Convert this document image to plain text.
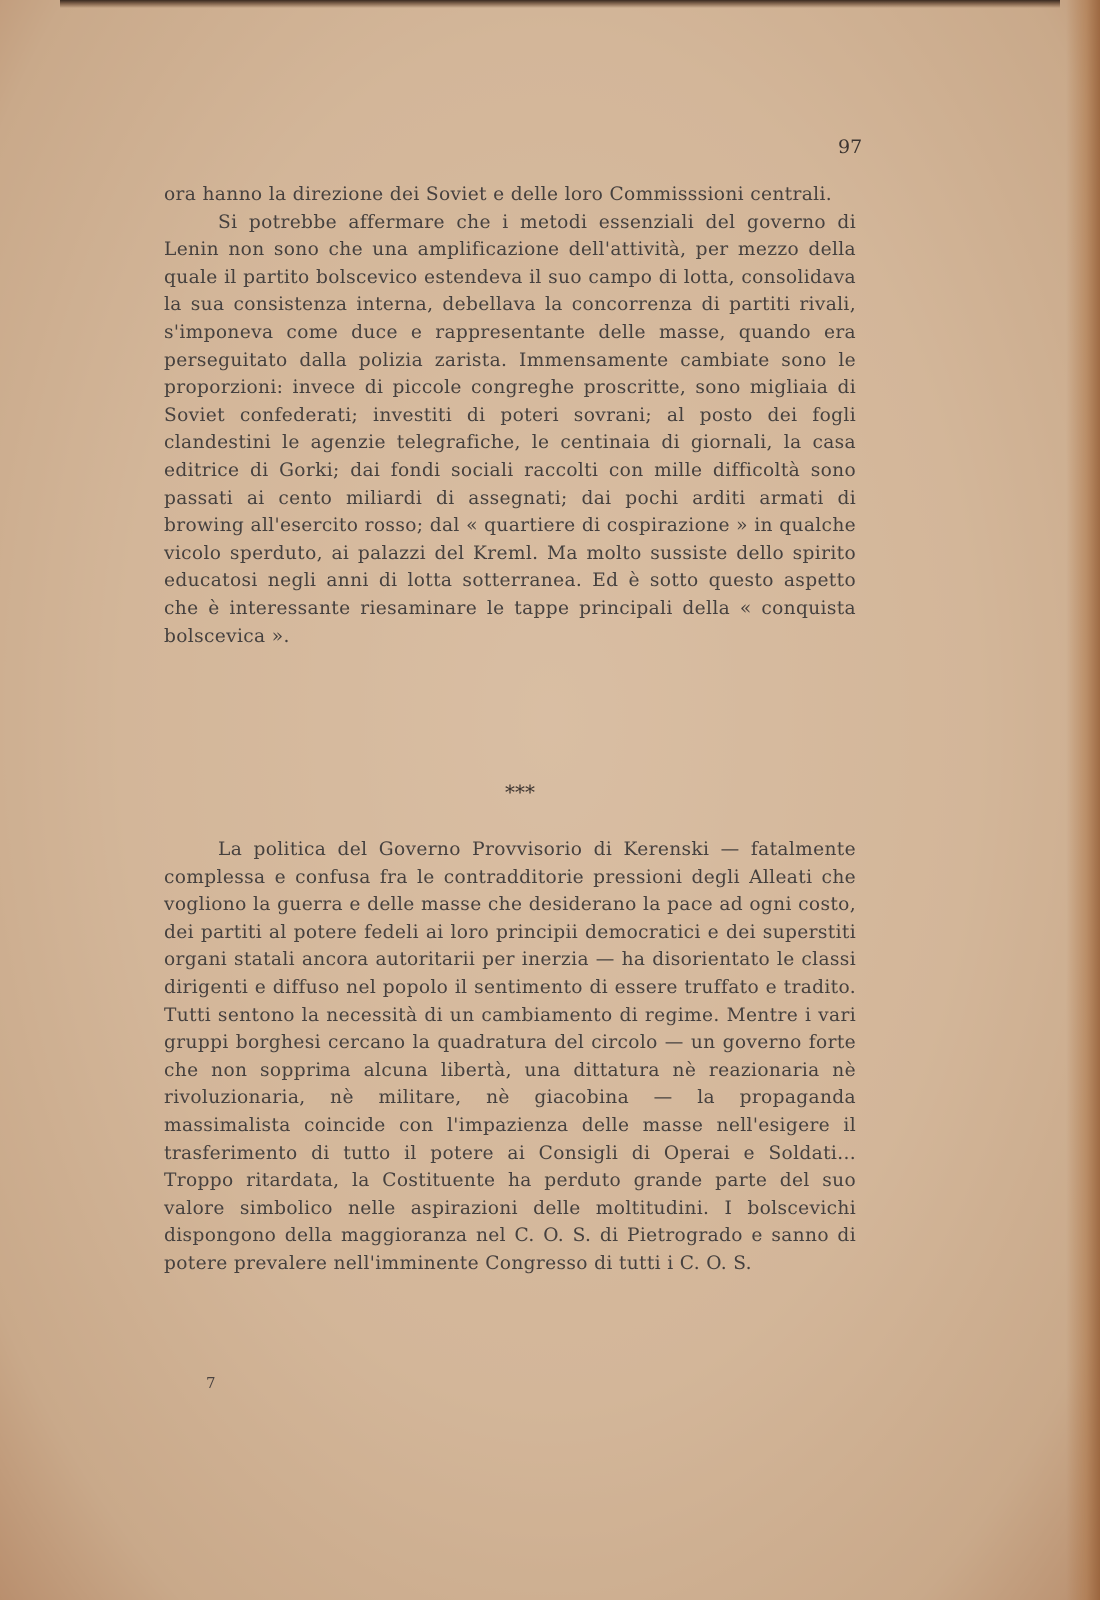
97

ora hanno la direzione dei Soviet e delle loro Commisssioni centrali.

Si potrebbe affermare che i metodi essenziali del governo di Lenin non sono che una amplificazione dell'attività, per mezzo della quale il partito bolscevico estendeva il suo campo di lotta, consolidava la sua consistenza interna, debellava la concorrenza di partiti rivali, s'imponeva come duce e rappresentante delle masse, quando era perseguitato dalla polizia zarista. Immensamente cambiate sono le proporzioni: invece di piccole congreghe proscritte, sono migliaia di Soviet confederati; investiti di poteri sovrani; al posto dei fogli clandestini le agenzie telegrafiche, le centinaia di giornali, la casa editrice di Gorki; dai fondi sociali raccolti con mille difficoltà sono passati ai cento miliardi di assegnati; dai pochi arditi armati di browing all'esercito rosso; dal « quartiere di cospirazione » in qualche vicolo sperduto, ai palazzi del Kreml. Ma molto sussiste dello spirito educatosi negli anni di lotta sotterranea. Ed è sotto questo aspetto che è interessante riesaminare le tappe principali della « conquista bolscevica ».

***

La politica del Governo Provvisorio di Kerenski — fatalmente complessa e confusa fra le contradditorie pressioni degli Alleati che vogliono la guerra e delle masse che desiderano la pace ad ogni costo, dei partiti al potere fedeli ai loro principii democratici e dei superstiti organi statali ancora autoritarii per inerzia — ha disorientato le classi dirigenti e diffuso nel popolo il sentimento di essere truffato e tradito. Tutti sentono la necessità di un cambiamento di regime. Mentre i vari gruppi borghesi cercano la quadratura del circolo — un governo forte che non sopprima alcuna libertà, una dittatura nè reazionaria nè rivoluzionaria, nè militare, nè giacobina — la propaganda massimalista coincide con l'impazienza delle masse nell'esigere il trasferimento di tutto il potere ai Consigli di Operai e Soldati... Troppo ritardata, la Costituente ha perduto grande parte del suo valore simbolico nelle aspirazioni delle moltitudini. I bolscevichi dispongono della maggioranza nel C. O. S. di Pietrogrado e sanno di potere prevalere nell'imminente Congresso di tutti i C. O. S.

7
